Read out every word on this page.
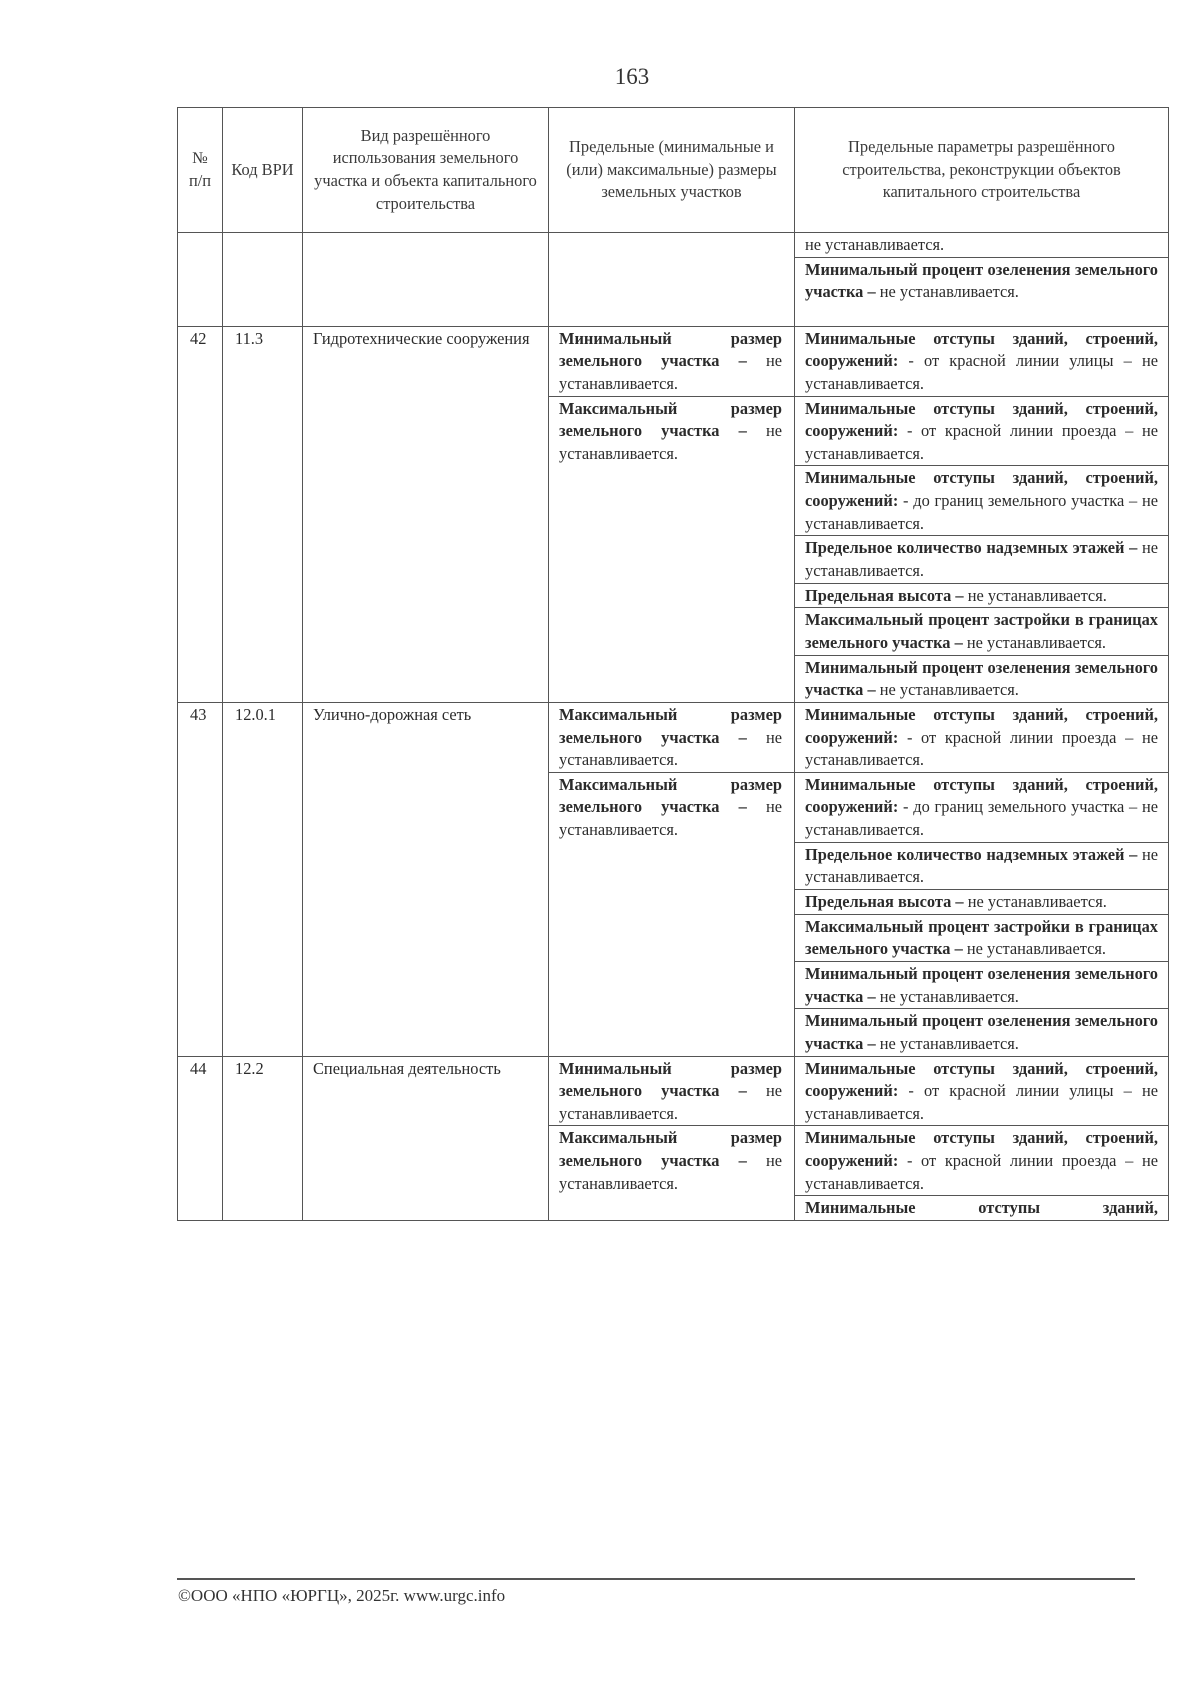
163
№ п/п	Код ВРИ	Вид разрешённого использования земельного участка и объекта капитального строительства	Предельные (минимальные и (или) максимальные) размеры земельных участков	Предельные параметры разрешённого строительства, реконструкции объектов капитального строительства
				не устанавливается.
				Минимальный процент озеленения земельного участка – не устанавливается.
42	11.3	Гидротехнические сооружения	Минимальный размер земельного участка – не устанавливается.	Минимальные отступы зданий, строений, сооружений: - от красной линии улицы – не устанавливается.
			Максимальный размер земельного участка – не устанавливается.	Минимальные отступы зданий, строений, сооружений: - от красной линии проезда – не устанавливается.
				Минимальные отступы зданий, строений, сооружений: - до границ земельного участка – не устанавливается.
				Предельное количество надземных этажей – не устанавливается.
				Предельная высота – не устанавливается.
				Максимальный процент застройки в границах земельного участка – не устанавливается.
				Минимальный процент озеленения земельного участка – не устанавливается.
43	12.0.1	Улично-дорожная сеть	Максимальный размер земельного участка – не устанавливается.	Минимальные отступы зданий, строений, сооружений: - от красной линии проезда – не устанавливается.
			Максимальный размер земельного участка – не устанавливается.	Минимальные отступы зданий, строений, сооружений: - до границ земельного участка – не устанавливается.
				Предельное количество надземных этажей – не устанавливается.
				Предельная высота – не устанавливается.
				Максимальный процент застройки в границах земельного участка – не устанавливается.
				Минимальный процент озеленения земельного участка – не устанавливается.
				Минимальный процент озеленения земельного участка – не устанавливается.
44	12.2	Специальная деятельность	Минимальный размер земельного участка – не устанавливается.	Минимальные отступы зданий, строений, сооружений: - от красной линии улицы – не устанавливается.
			Максимальный размер земельного участка – не устанавливается.	Минимальные отступы зданий, строений, сооружений: - от красной линии проезда – не устанавливается.
				Минимальные отступы зданий,
©ООО «НПО «ЮРГЦ», 2025г. www.urgc.info
